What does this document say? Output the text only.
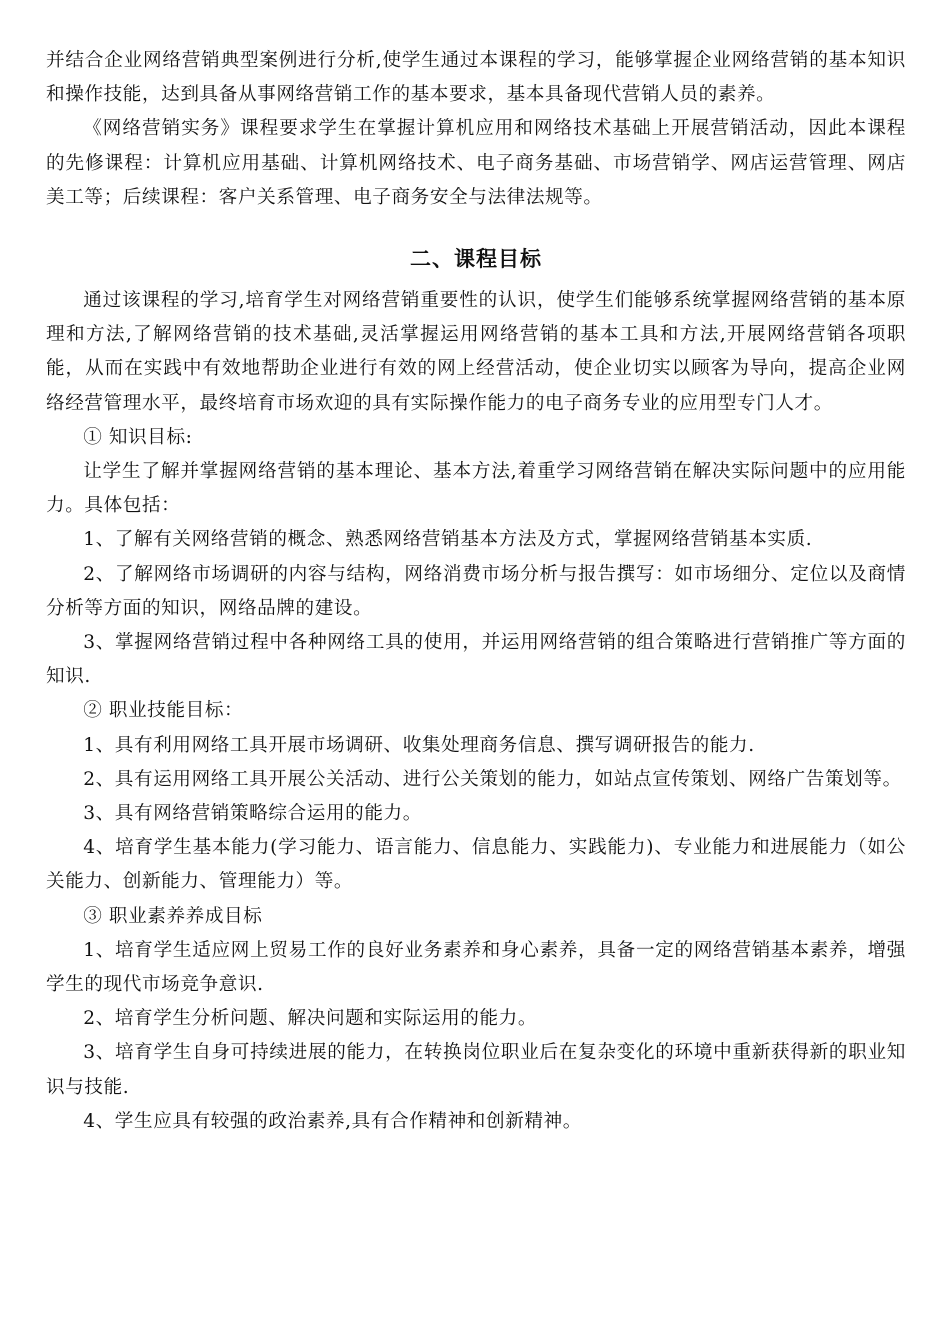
并结合企业网络营销典型案例进行分析,使学生通过本课程的学习，能够掌握企业网络营销的基本知识和操作技能，达到具备从事网络营销工作的基本要求，基本具备现代营销人员的素养。

《网络营销实务》课程要求学生在掌握计算机应用和网络技术基础上开展营销活动，因此本课程的先修课程：计算机应用基础、计算机网络技术、电子商务基础、市场营销学、网店运营管理、网店美工等；后续课程：客户关系管理、电子商务安全与法律法规等。

二、课程目标

通过该课程的学习,培育学生对网络营销重要性的认识，使学生们能够系统掌握网络营销的基本原理和方法,了解网络营销的技术基础,灵活掌握运用网络营销的基本工具和方法,开展网络营销各项职能，从而在实践中有效地帮助企业进行有效的网上经营活动，使企业切实以顾客为导向，提高企业网络经营管理水平，最终培育市场欢迎的具有实际操作能力的电子商务专业的应用型专门人才。

① 知识目标:

让学生了解并掌握网络营销的基本理论、基本方法,着重学习网络营销在解决实际问题中的应用能力。具体包括：

1、了解有关网络营销的概念、熟悉网络营销基本方法及方式，掌握网络营销基本实质.

2、了解网络市场调研的内容与结构，网络消费市场分析与报告撰写：如市场细分、定位以及商情分析等方面的知识，网络品牌的建设。

3、掌握网络营销过程中各种网络工具的使用，并运用网络营销的组合策略进行营销推广等方面的知识.

② 职业技能目标：

1、具有利用网络工具开展市场调研、收集处理商务信息、撰写调研报告的能力.

2、具有运用网络工具开展公关活动、进行公关策划的能力，如站点宣传策划、网络广告策划等。

3、具有网络营销策略综合运用的能力。

4、培育学生基本能力(学习能力、语言能力、信息能力、实践能力)、专业能力和进展能力（如公关能力、创新能力、管理能力）等。

③ 职业素养养成目标

1、培育学生适应网上贸易工作的良好业务素养和身心素养，具备一定的网络营销基本素养，增强学生的现代市场竞争意识.

2、培育学生分析问题、解决问题和实际运用的能力。

3、培育学生自身可持续进展的能力，在转换岗位职业后在复杂变化的环境中重新获得新的职业知识与技能.

4、学生应具有较强的政治素养,具有合作精神和创新精神。
